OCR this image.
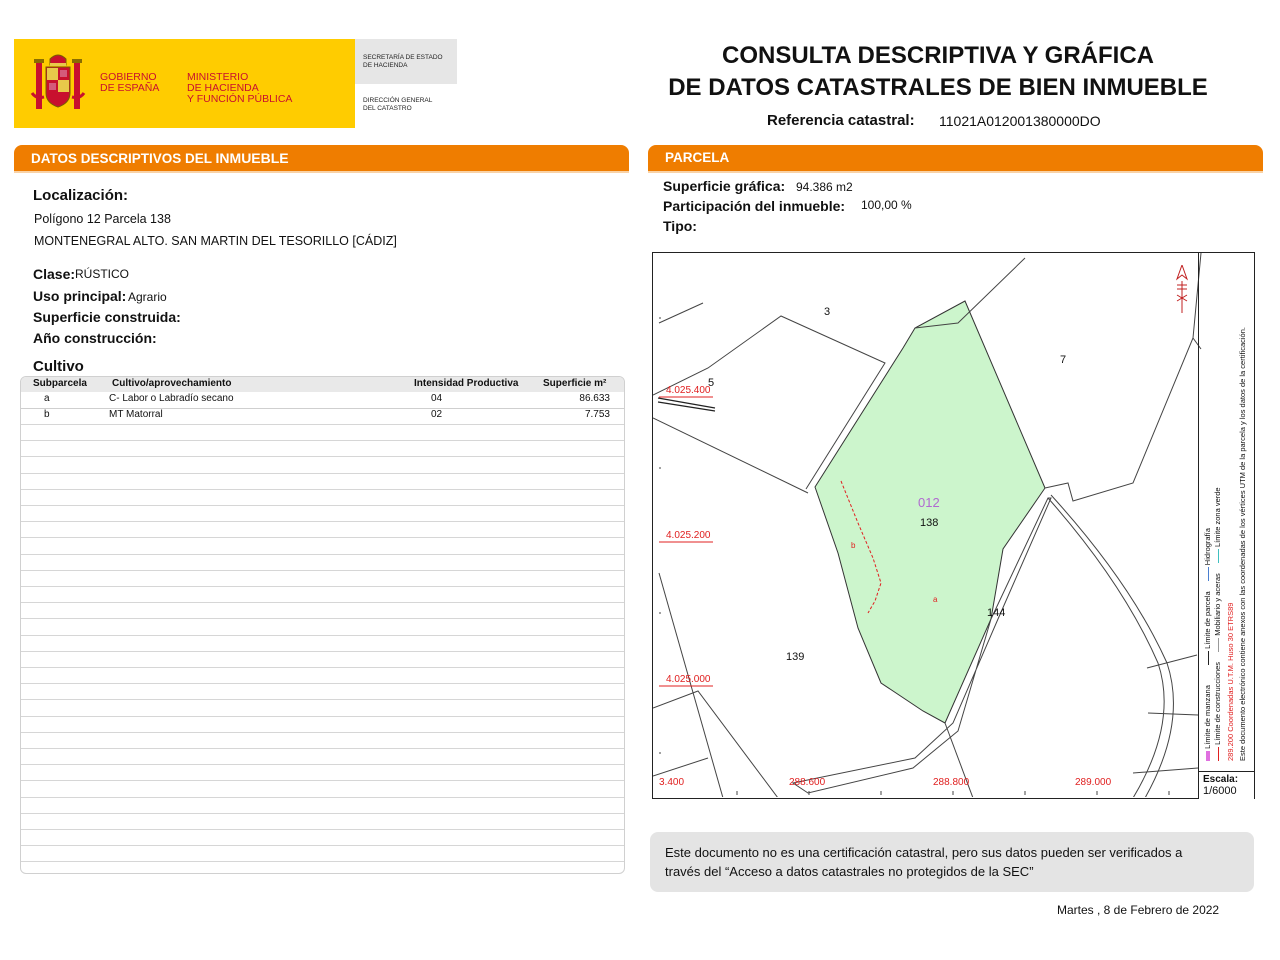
GOBIERNO
DE ESPAÑA
MINISTERIO
DE HACIENDA
Y FUNCIÓN PÚBLICA
SECRETARÍA DE ESTADO
DE HACIENDA
DIRECCIÓN GENERAL
DEL CATASTRO
CONSULTA DESCRIPTIVA Y GRÁFICA
DE DATOS CATASTRALES DE BIEN INMUEBLE
Referencia catastral: 11021A012001380000DO
DATOS DESCRIPTIVOS DEL INMUEBLE
Localización:
Polígono 12 Parcela 138
MONTENEGRAL ALTO. SAN MARTIN DEL TESORILLO [CÁDIZ]
Clase: RÚSTICO
Uso principal: Agrario
Superficie construida:
Año construcción:
Cultivo
Subparcela	Cultivo/aprovechamiento	Intensidad Productiva Superficie m²
a	C- Labor o Labradío secano	04	86.633
b	MT Matorral	02	7.753
PARCELA
Superficie gráfica: 94.386 m2
Participación del inmueble: 100,00 %
Tipo:
4.025.400
4.025.200
4.025.000
3.400	288.600	288.800	289.000
3
5
7
139
144
012
138
a
b
Límite de manzana  Límite de parcela  Hidrografía
Límite de construcciones  Mobiliario y aceras  Límite zona verde
289.200 Coordenadas U.T.M. Huso 30 ETRS89 Este documento electrónico contiene anexos con las coordenadas de los vértices UTM de la parcela y los datos de la certificación.
Escala:
1/6000
Este documento no es una certificación catastral, pero sus datos pueden ser verificados a
través del “Acceso a datos catastrales no protegidos de la SEC”
Martes , 8 de Febrero de 2022
